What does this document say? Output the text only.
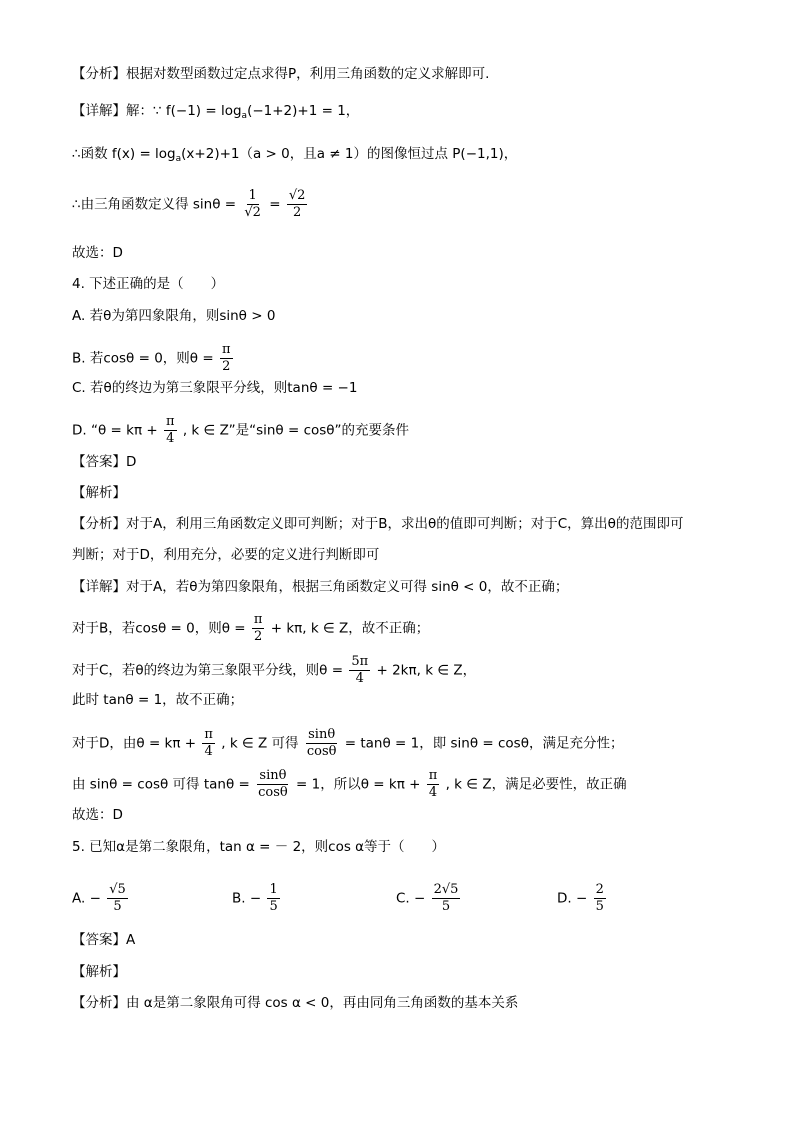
【分析】根据对数型函数过定点求得P，利用三角函数的定义求解即可.
【详解】解：∵ $f(-1) = \log_a(-1+2)+1 = 1$，
∴函数 $f(x) = \log_a(x+2)+1(a > 0$，且a ≠ 1）的图像恒过点 P(−1,1)，
∴由三角函数定义得 $\sin\theta = \frac{1}{√2} = \frac{√2}{2}$
故选：D
4. 下述正确的是（　　）
A. 若θ为第四象限角，则sinθ > 0
B. 若cosθ = 0，则$\theta = \frac{\pi}{2}$
C. 若θ的终边为第三象限平分线，则tanθ = −1
D. “$\theta = k\pi + \frac{\pi}{4}$ , k ∈ Z”是“sinθ = cosθ”的充要条件
【答案】D
【解析】
【分析】对于A，利用三角函数定义即可判断；对于B，求出θ的值即可判断；对于C，算出θ的范围即可
判断；对于D，利用充分，必要的定义进行判断即可
【详解】对于A，若θ为第四象限角，根据三角函数定义可得 sinθ < 0，故不正确；
对于B，若cosθ = 0，则$\theta = \frac{\pi}{2} + k\pi$, k ∈ Z，故不正确；
对于C，若θ的终边为第三象限平分线，则$\theta = \frac{5\pi}{4} + 2k\pi$, k ∈ Z，
此时 tanθ = 1，故不正确；
对于D，由$\theta = k\pi + \frac{\pi}{4}$ , k ∈ Z 可得 $\frac{\sin\theta}{\cos\theta} = \tan\theta = 1$，即 sinθ = cosθ，满足充分性；
由 sinθ = cosθ 可得 $\tan\theta = \frac{\sin\theta}{\cos\theta} = 1$，所以$\theta = k\pi + \frac{\pi}{4}$ , k ∈ Z，满足必要性，故正确
故选：D
5. 已知α是第二象限角，tan α = － 2，则cos α等于（　　）
A. − $\frac{√5}{5}$	B. − $\frac{1}{5}$	C. − $\frac{2√5}{5}$	D. − $\frac{2}{5}$
【答案】A
【解析】
【分析】由 α是第二象限角可得 cos α < 0，再由同角三角函数的基本关系
